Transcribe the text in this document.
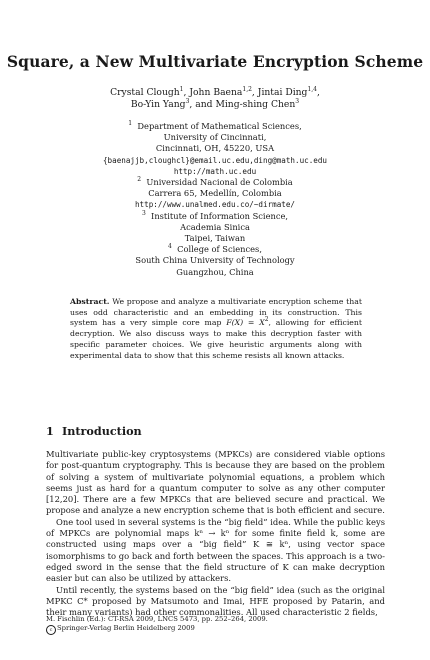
Square, a New Multivariate Encryption Scheme
Crystal Clough$^1$, John Baena$^{1,2}$, Jintai Ding$^{1,4}$,
Bo-Yin Yang$^3$, and Ming-shing Chen$^3$
$^1$ Department of Mathematical Sciences,
University of Cincinnati,
Cincinnati, OH, 45220, USA
{baenajjb,cloughcl}@email.uc.edu,ding@math.uc.edu
http://math.uc.edu
$^2$ Universidad Nacional de Colombia
Carrera 65, Medellín, Colombia
http://www.unalmed.edu.co/~dirmate/
$^3$ Institute of Information Science,
Academia Sinica
Taipei, Taiwan
$^4$ College of Sciences,
South China University of Technology
Guangzhou, China
Abstract. We propose and analyze a multivariate encryption scheme that uses odd characteristic and an embedding in its construction. This system has a very simple core map $F(X) = X^2$, allowing for efficient decryption. We also discuss ways to make this decryption faster with specific parameter choices. We give heuristic arguments along with experimental data to show that this scheme resists all known attacks.
1 Introduction

Multivariate public-key cryptosystems (MPKCs) are considered viable options for post-quantum cryptography. This is because they are based on the problem of solving a system of multivariate polynomial equations, a problem which seems just as hard for a quantum computer to solve as any other computer [12,20]. There are a few MPKCs that are believed secure and practical. We propose and analyze a new encryption scheme that is both efficient and secure.

One tool used in several systems is the “big field” idea. While the public keys of MPKCs are polynomial maps kⁿ → kⁿ for some finite field k, some are constructed using maps over a “big field” K ≅ kⁿ, using vector space isomorphisms to go back and forth between the spaces. This approach is a two-edged sword in the sense that the field structure of K can make decryption easier but can also be utilized by attackers.

Until recently, the systems based on the “big field” idea (such as the original MPKC C* proposed by Matsumoto and Imai, HFE proposed by Patarin, and their many variants) had other commonalities. All used characteristic 2 fields,

M. Fischlin (Ed.): CT-RSA 2009, LNCS 5473, pp. 252–264, 2009.
c Springer-Verlag Berlin Heidelberg 2009
